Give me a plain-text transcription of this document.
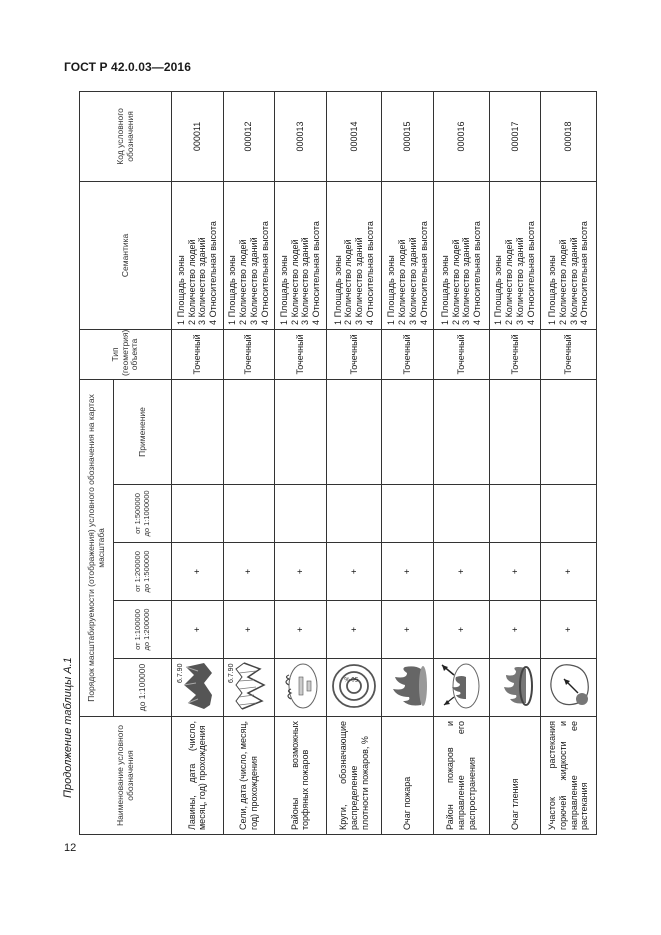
ГОСТ Р 42.0.03—2016
Продолжение таблицы А.1	Наименование условного обозначения	Порядок масштабируемости (отображения) условного обозначения на картах масштаба					Тип (геометрия) объекта	Семантика	Код условного обозначения
	до 1:100000	от 1:100000 до 1:200000	от 1:200000 до 1:500000	от 1:500000 до 1:1000000	Применение			
Лавины, дата (число, месяц, год) прохождения	6.7.90	+	+			Точечный	1 Площадь зоны 2 Количество людей 3 Количество зданий 4 Относительная высота	000011
Сели, дата (число, месяц, год) прохождения	6.7.90	+	+			Точечный	1 Площадь зоны 2 Количество людей 3 Количество зданий 4 Относительная высота	000012
Районы возможных торфяных пожаров		+	+			Точечный	1 Площадь зоны 2 Количество людей 3 Количество зданий 4 Относительная высота	000013
Круги, обозначающие распределение плотности пожаров, %	50 %	+	+			Точечный	1 Площадь зоны 2 Количество людей 3 Количество зданий 4 Относительная высота	000014
Очаг пожара		+	+			Точечный	1 Площадь зоны 2 Количество людей 3 Количество зданий 4 Относительная высота	000015
Район пожаров и направление его распространения		+	+			Точечный	1 Площадь зоны 2 Количество людей 3 Количество зданий 4 Относительная высота	000016
Очаг тления		+	+			Точечный	1 Площадь зоны 2 Количество людей 3 Количество зданий 4 Относительная высота	000017
Участок растекания горючей жидкости и направление ее растекания		+	+			Точечный	1 Площадь зоны 2 Количество людей 3 Количество зданий 4 Относительная высота	000018
12
